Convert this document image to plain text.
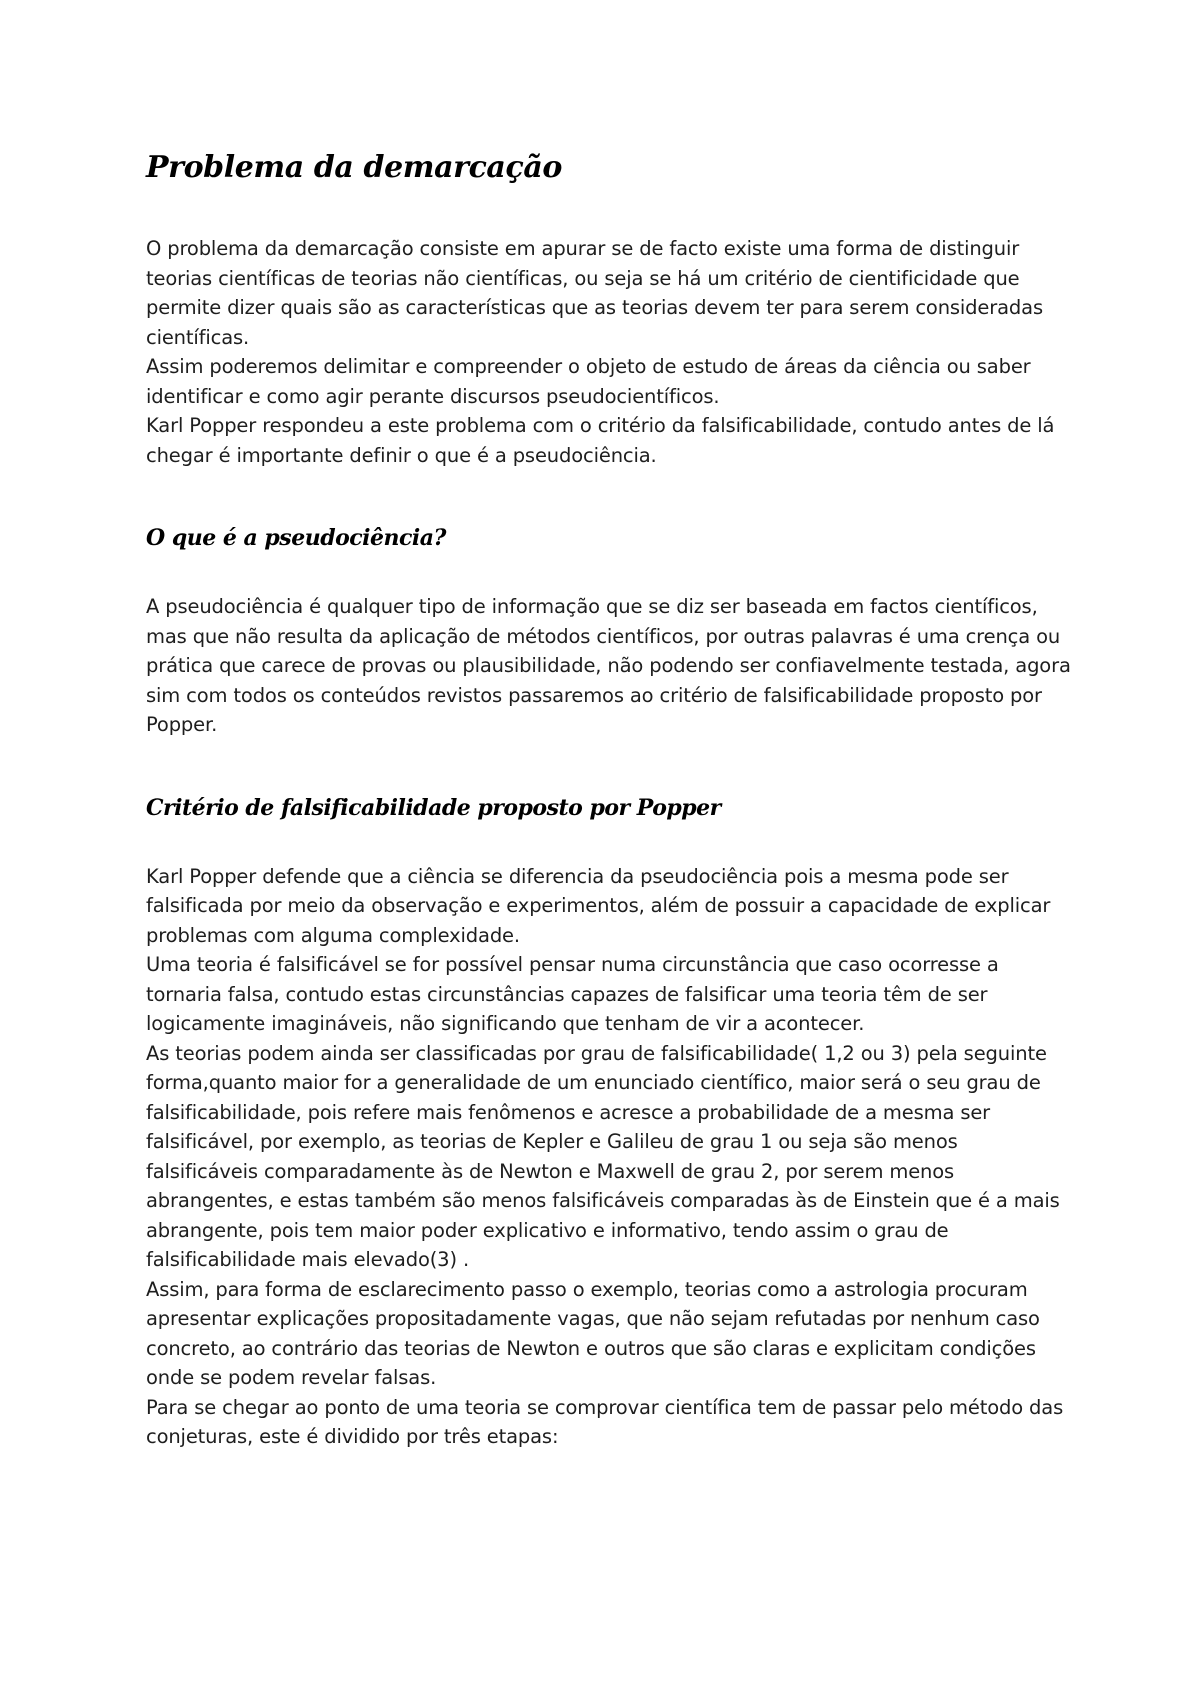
Problema da demarcação

O problema da demarcação consiste em apurar se de facto existe uma forma de distinguir teorias científicas de teorias não científicas, ou seja se há um critério de cientificidade que permite dizer quais são as características que as teorias devem ter para serem consideradas científicas.

Assim poderemos delimitar e compreender o objeto de estudo de áreas da ciência ou saber identificar e como agir perante discursos pseudocientíficos.

Karl Popper respondeu a este problema com o critério da falsificabilidade, contudo antes de lá chegar é importante definir o que é a pseudociência.

O que é a pseudociência?

A pseudociência é qualquer tipo de informação que se diz ser baseada em factos científicos, mas que não resulta da aplicação de métodos científicos, por outras palavras é uma crença ou prática que carece de provas ou plausibilidade, não podendo ser confiavelmente testada, agora sim com todos os conteúdos revistos passaremos ao critério de falsificabilidade proposto por Popper.

Critério de falsificabilidade proposto por Popper

Karl Popper defende que a ciência se diferencia da pseudociência pois a mesma pode ser falsificada por meio da observação e experimentos, além de possuir a capacidade de explicar problemas com alguma complexidade.

Uma teoria é falsificável se for possível pensar numa circunstância que caso ocorresse a tornaria falsa, contudo estas circunstâncias capazes de falsificar uma teoria têm de ser logicamente imagináveis, não significando que tenham de vir a acontecer.

As teorias podem ainda ser classificadas por grau de falsificabilidade( 1,2 ou 3) pela seguinte forma,quanto maior for a generalidade de um enunciado científico, maior será o seu grau de falsificabilidade, pois refere mais fenômenos e acresce a probabilidade de a mesma ser falsificável, por exemplo, as teorias de Kepler e Galileu de grau 1 ou seja são menos falsificáveis comparadamente às de Newton e Maxwell de grau 2, por serem menos abrangentes, e estas também são menos falsificáveis comparadas às de Einstein que é a mais abrangente, pois tem maior poder explicativo e informativo, tendo assim o grau de falsificabilidade mais elevado(3) .

Assim, para forma de esclarecimento passo o exemplo, teorias como a astrologia procuram apresentar explicações propositadamente vagas, que não sejam refutadas por nenhum caso concreto, ao contrário das teorias de Newton e outros que são claras e explicitam condições onde se podem revelar falsas.

Para se chegar ao ponto de uma teoria se comprovar científica tem de passar pelo método das conjeturas, este é dividido por três etapas:
